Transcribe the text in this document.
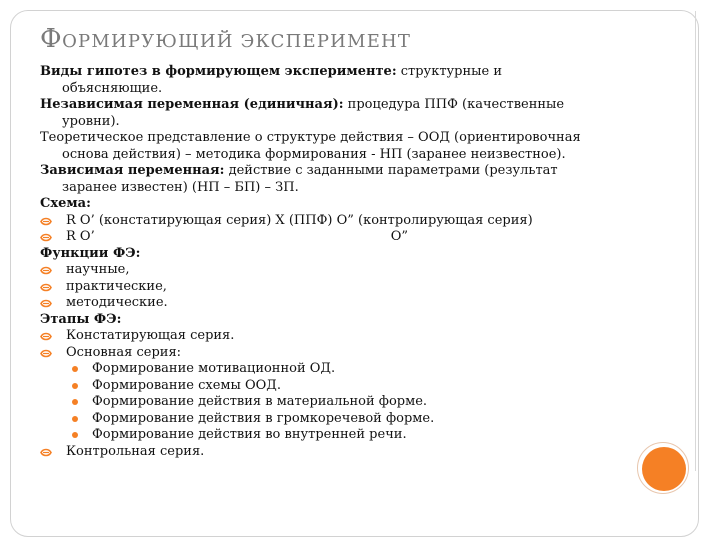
ФОРМИРУЮЩИЙ ЭКСПЕРИМЕНТ
Виды гипотез в формирующем эксперименте: структурные и
объясняющие.
Независимая переменная (единичная): процедура ППФ (качественные
уровни).
Теоретическое представление о структуре действия – ООД (ориентировочная
основа действия) – методика формирования - НП (заранее неизвестное).
Зависимая переменная: действие с заданными параметрами (результат
заранее известен) (НП – БП) – ЗП.
Схема:
R O’ (констатирующая серия) X (ППФ) O” (контролирующая серия)
R O’	O”
Функции ФЭ:
научные,
практические,
методические.
Этапы ФЭ:
Констатирующая серия.
Основная серия:
Формирование мотивационной ОД.
Формирование схемы ООД.
Формирование действия в материальной форме.
Формирование действия в громкоречевой форме.
Формирование действия во внутренней речи.
Контрольная серия.
